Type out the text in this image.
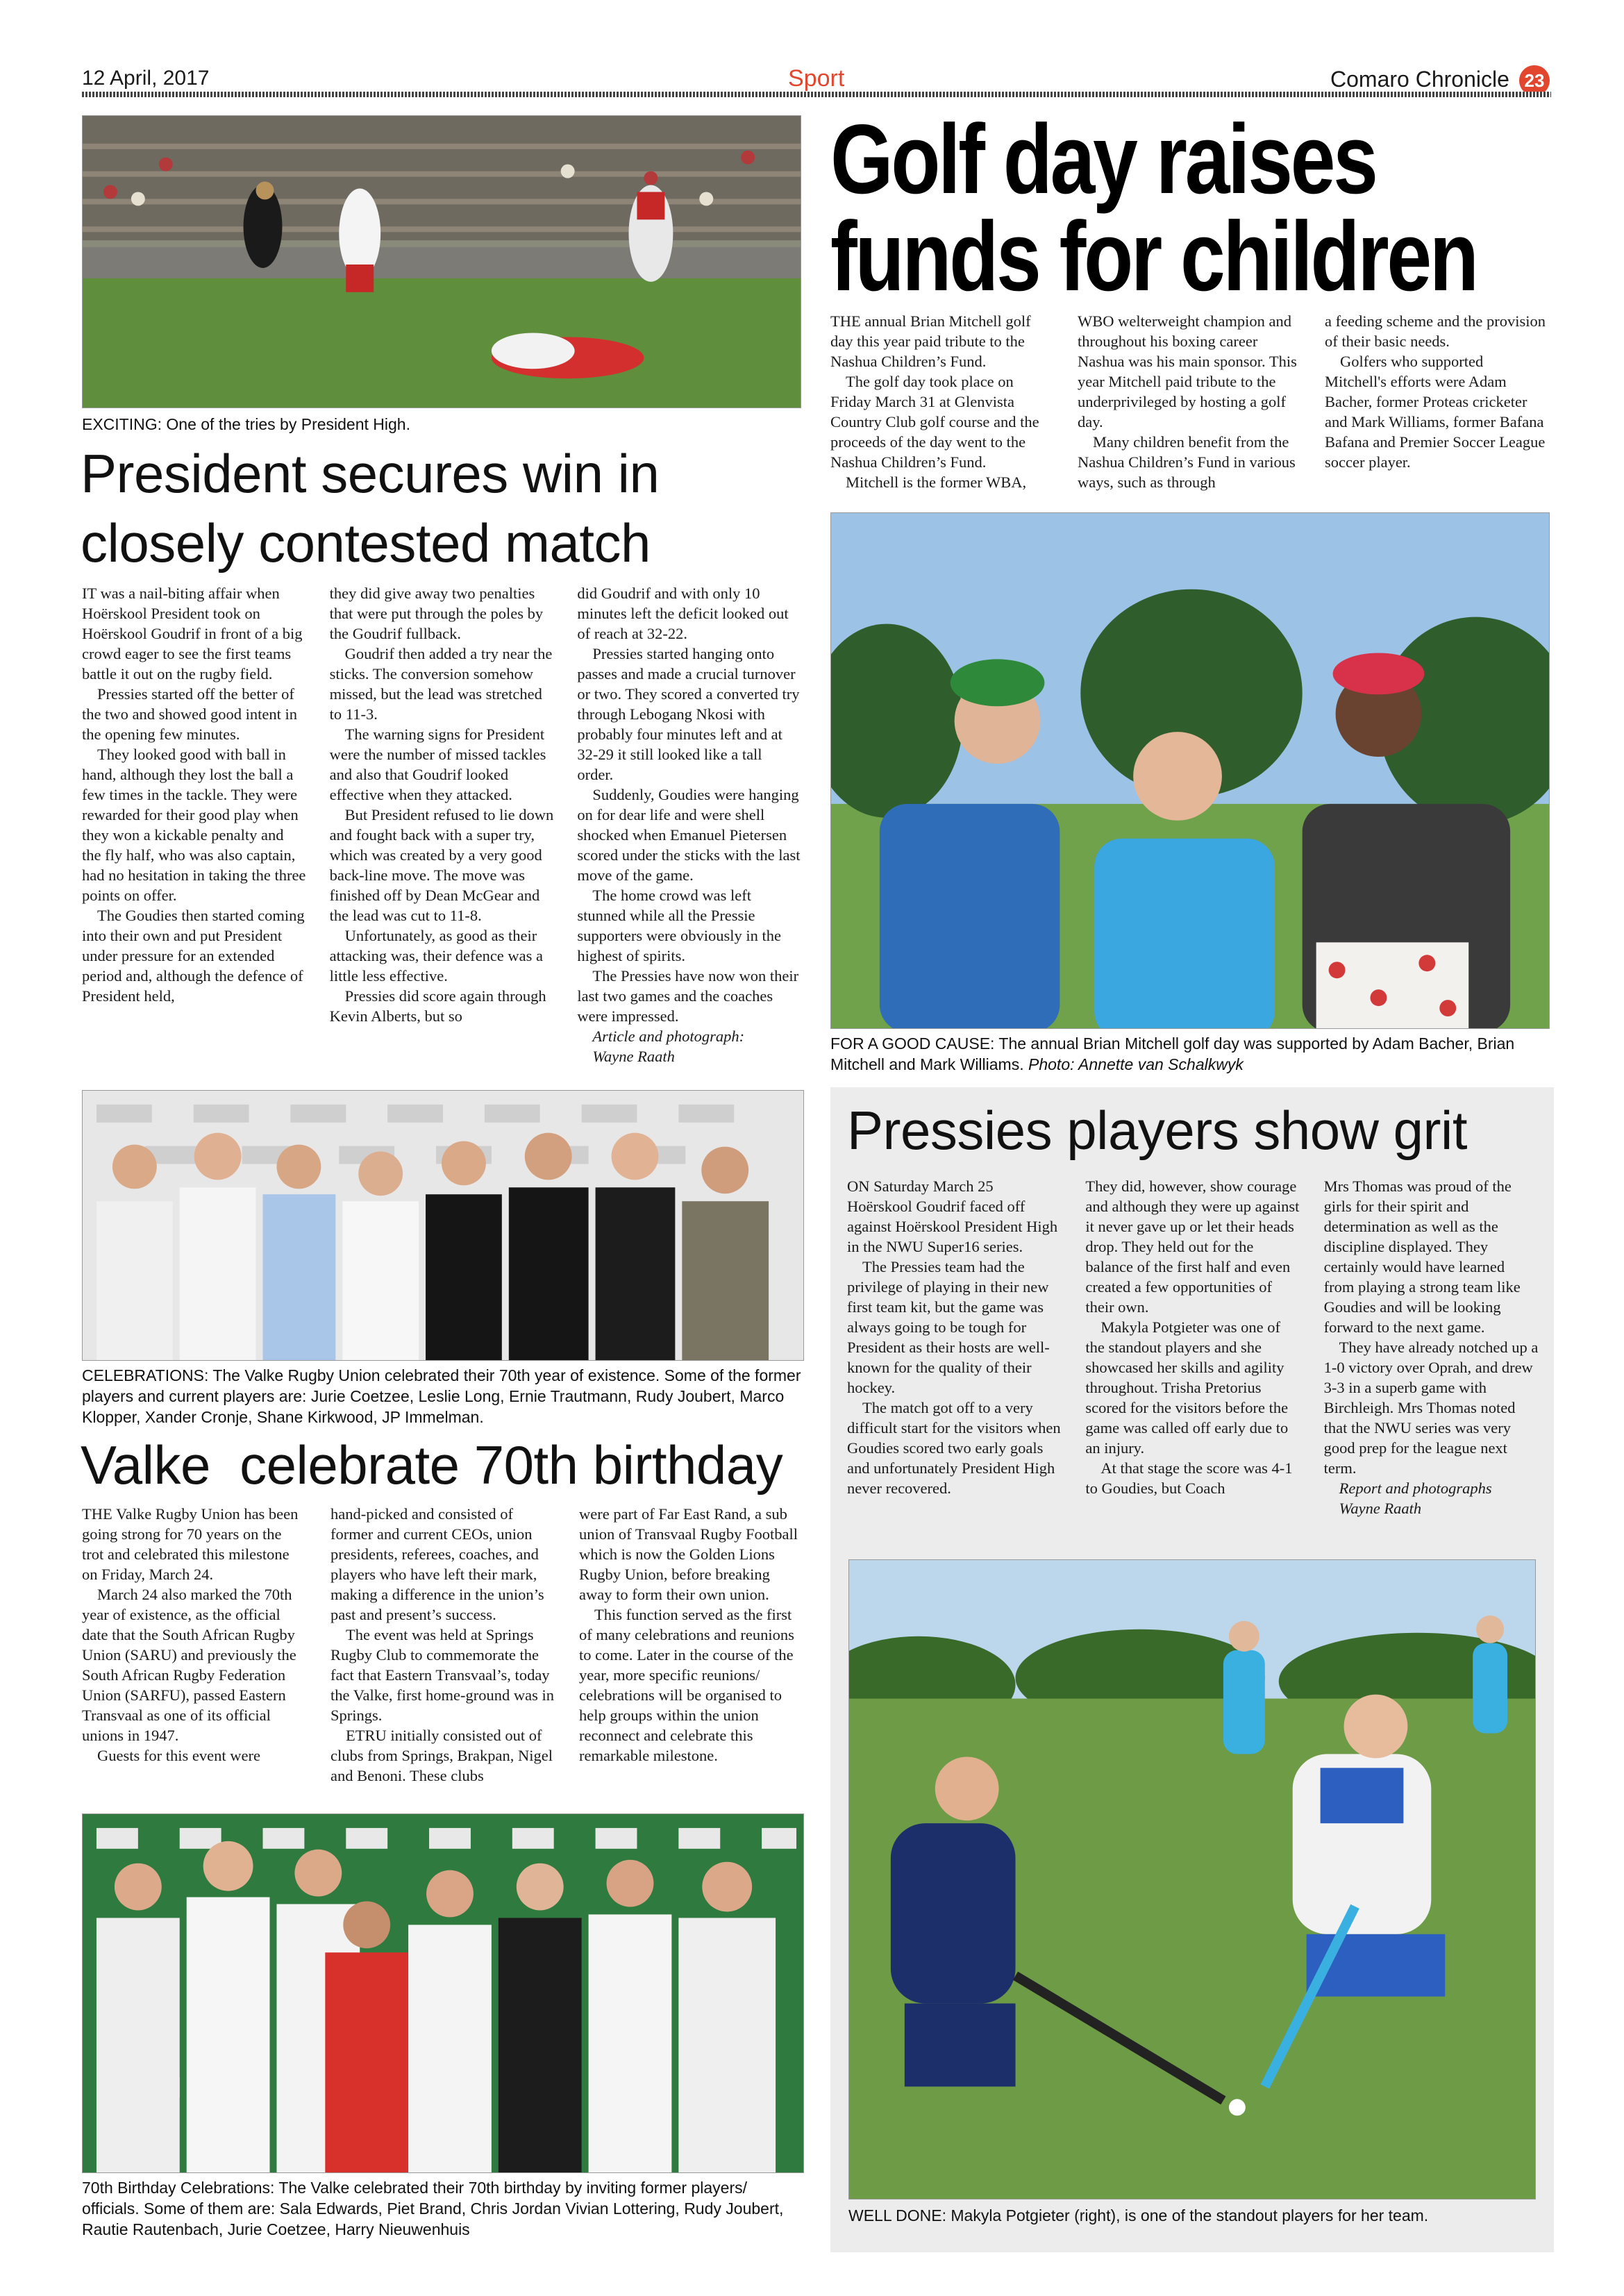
12 April, 2017	Sport	Comaro Chronicle 23
EXCITING: One of the tries by President High.
President secures win in
closely contested match

IT was a nail-biting affair when Hoërskool President took on Hoërskool Goudrif in front of a big crowd eager to see the first teams battle it out on the rugby field.

Pressies started off the better of the two and showed good intent in the opening few minutes.

They looked good with ball in hand, although they lost the ball a few times in the tackle. They were rewarded for their good play when they won a kickable penalty and the fly half, who was also captain, had no hesitation in taking the three points on offer.

The Goudies then started coming into their own and put President under pressure for an extended period and, although the defence of President held,

they did give away two penalties that were put through the poles by the Goudrif fullback.

Goudrif then added a try near the sticks. The conversion somehow missed, but the lead was stretched to 11-3.

The warning signs for President were the number of missed tackles and also that Goudrif looked effective when they attacked.

But President refused to lie down and fought back with a super try, which was created by a very good back-line move. The move was finished off by Dean McGear and the lead was cut to 11-8.

Unfortunately, as good as their attacking was, their defence was a little less effective.

Pressies did score again through Kevin Alberts, but so

did Goudrif and with only 10 minutes left the deficit looked out of reach at 32-22.

Pressies started hanging onto passes and made a crucial turnover or two. They scored a converted try through Lebogang Nkosi with probably four minutes left and at 32-29 it still looked like a tall order.

Suddenly, Goudies were hanging on for dear life and were shell shocked when Emanuel Pietersen scored under the sticks with the last move of the game.

The home crowd was left stunned while all the Pressie supporters were obviously in the highest of spirits.

The Pressies have now won their last two games and the coaches were impressed.

Article and photograph:

Wayne Raath

Golf day raises
funds for children

THE annual Brian Mitchell golf day this year paid tribute to the Nashua Children’s Fund.

The golf day took place on Friday March 31 at Glenvista Country Club golf course and the proceeds of the day went to the Nashua Children’s Fund.

Mitchell is the former WBA,

WBO welterweight champion and throughout his boxing career Nashua was his main sponsor. This year Mitchell paid tribute to the underprivileged by hosting a golf day.

Many children benefit from the Nashua Children’s Fund in various ways, such as through

a feeding scheme and the provision of their basic needs.

Golfers who supported Mitchell's efforts were Adam Bacher, former Proteas cricketer and Mark Williams, former Bafana Bafana and Premier Soccer League soccer player.

FOR A GOOD CAUSE: The annual Brian Mitchell golf day was supported by Adam Bacher, Brian Mitchell and Mark Williams. Photo: Annette van Schalkwyk
CELEBRATIONS: The Valke Rugby Union celebrated their 70th year of existence. Some of the former players and current players are: Jurie Coetzee, Leslie Long, Ernie Trautmann, Rudy Joubert, Marco Klopper, Xander Cronje, Shane Kirkwood, JP Immelman.
Valke  celebrate 70th birthday

THE Valke Rugby Union has been going strong for 70 years on the trot and celebrated this milestone on Friday, March 24.

March 24 also marked the 70th year of existence, as the official date that the South African Rugby Union (SARU) and previously the South African Rugby Federation Union (SARFU), passed Eastern Transvaal as one of its official unions in 1947.

Guests for this event were

hand-picked and consisted of former and current CEOs, union presidents, referees, coaches, and players who have left their mark, making a difference in the union’s past and present’s success.

The event was held at Springs Rugby Club to commemorate the fact that Eastern Transvaal’s, today the Valke, first home-ground was in Springs.

ETRU initially consisted out of clubs from Springs, Brakpan, Nigel and Benoni. These clubs

were part of Far East Rand, a sub union of Transvaal Rugby Football which is now the Golden Lions Rugby Union, before breaking away to form their own union.

This function served as the first of many celebrations and reunions to come. Later in the course of the year, more specific reunions/ celebrations will be organised to help groups within the union reconnect and celebrate this remarkable milestone.

70th Birthday Celebrations: The Valke celebrated their 70th birthday by inviting former players/ officials. Some of them are: Sala Edwards, Piet Brand, Chris Jordan Vivian Lottering, Rudy Joubert, Rautie Rautenbach, Jurie Coetzee, Harry Nieuwenhuis
Pressies players show grit

ON Saturday March 25 Hoërskool Goudrif faced off against Hoërskool President High in the NWU Super16 series.

The Pressies team had the privilege of playing in their new first team kit, but the game was always going to be tough for President as their hosts are well-known for the quality of their hockey.

The match got off to a very difficult start for the visitors when Goudies scored two early goals and unfortunately President High never recovered.

They did, however, show courage and although they were up against it never gave up or let their heads drop. They held out for the balance of the first half and even created a few opportunities of their own.

Makyla Potgieter was one of the standout players and she showcased her skills and agility throughout. Trisha Pretorius scored for the visitors before the game was called off early due to an injury.

At that stage the score was 4-1 to Goudies, but Coach

Mrs Thomas was proud of the girls for their spirit and determination as well as the discipline displayed. They certainly would have learned from playing a strong team like Goudies and will be looking forward to the next game.

They have already notched up a 1-0 victory over Oprah, and drew 3-3 in a superb game with Birchleigh. Mrs Thomas noted that the NWU series was very good prep for the league next term.

Report and photographs

Wayne Raath

WELL DONE: Makyla Potgieter (right), is one of the standout players for her team.
